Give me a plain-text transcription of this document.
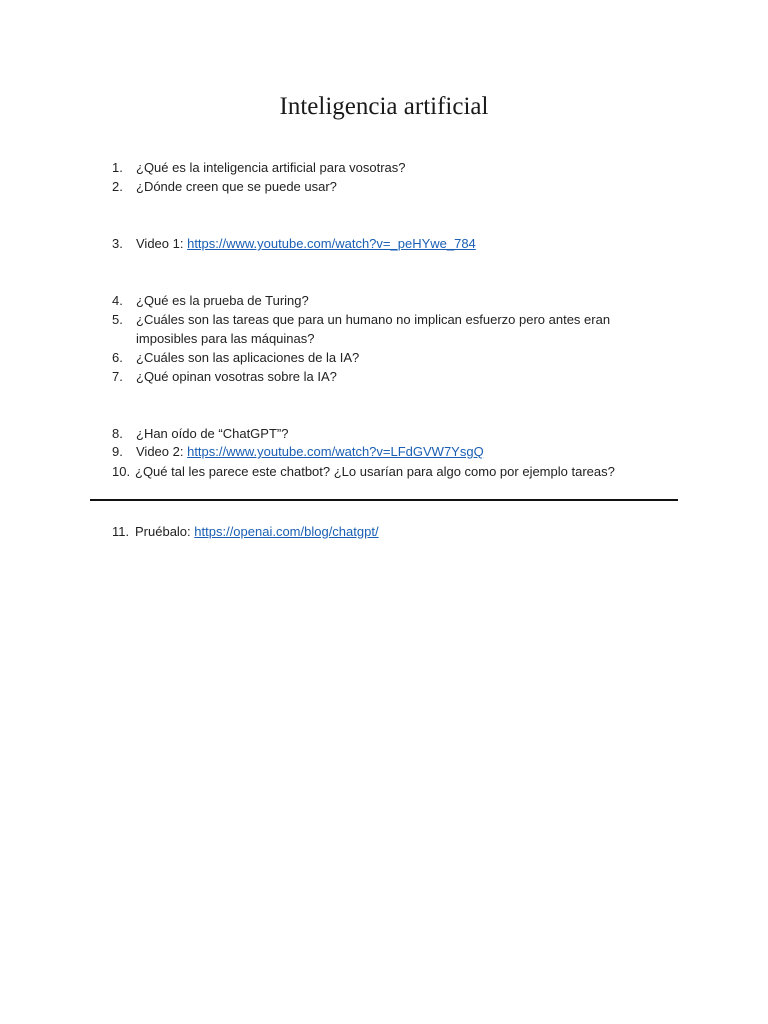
Inteligencia artificial
1. ¿Qué es la inteligencia artificial para vosotras?
2. ¿Dónde creen que se puede usar?
3. Video 1: https://www.youtube.com/watch?v=_peHYwe_784
4. ¿Qué es la prueba de Turing?
5. ¿Cuáles son las tareas que para un humano no implican esfuerzo pero antes eran imposibles para las máquinas?
6. ¿Cuáles son las aplicaciones de la IA?
7. ¿Qué opinan vosotras sobre la IA?
8. ¿Han oído de “ChatGPT”?
9. Video 2: https://www.youtube.com/watch?v=LFdGVW7YsgQ
10. ¿Qué tal les parece este chatbot? ¿Lo usarían para algo como por ejemplo tareas?
11. Pruébalo: https://openai.com/blog/chatgpt/
